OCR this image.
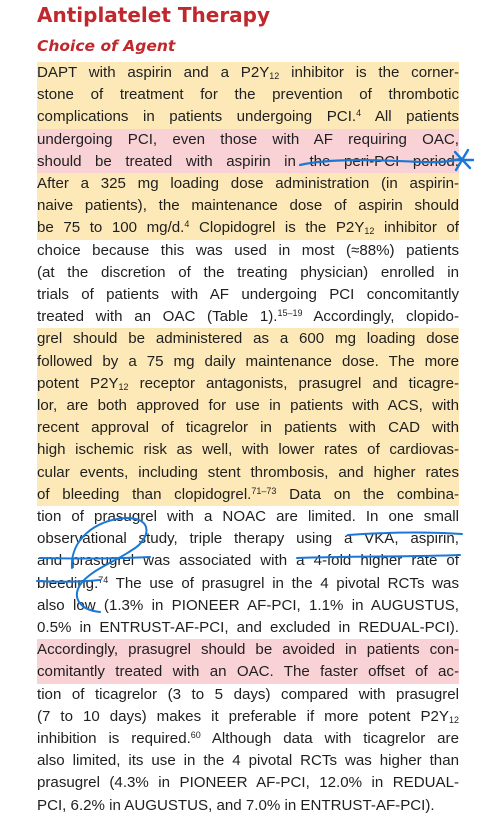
Antiplatelet Therapy
Choice of Agent
DAPT with aspirin and a $P2Y_{12}$ inhibitor is the corner-
stone of treatment for the prevention of thrombotic
complications in patients undergoing PCI.$^4$ All patients
undergoing PCI, even those with AF requiring OAC,
should be treated with aspirin in the peri-PCI period.
After a 325 mg loading dose administration (in aspirin-
naive patients), the maintenance dose of aspirin should
be 75 to 100 mg/d.$^4$ Clopidogrel is the $P2Y_{12}$ inhibitor of
choice because this was used in most (≈88%) patients
(at the discretion of the treating physician) enrolled in
trials of patients with AF undergoing PCI concomitantly
treated with an OAC (Table 1).$^{15-19}$ Accordingly, clopido-
grel should be administered as a 600 mg loading dose
followed by a 75 mg daily maintenance dose. The more
potent $P2Y_{12}$ receptor antagonists, prasugrel and ticagre-
lor, are both approved for use in patients with ACS, with
recent approval of ticagrelor in patients with CAD with
high ischemic risk as well, with lower rates of cardiovas-
cular events, including stent thrombosis, and higher rates
of bleeding than clopidogrel.$^{71-73}$ Data on the combina-
tion of prasugrel with a NOAC are limited. In one small
observational study, triple therapy using a VKA, aspirin,
and prasugrel was associated with a 4-fold higher rate of
bleeding.$^{74}$ The use of prasugrel in the 4 pivotal RCTs was
also low (1.3% in PIONEER AF-PCI, 1.1% in AUGUSTUS,
0.5% in ENTRUST-AF-PCI, and excluded in REDUAL-PCI).
Accordingly, prasugrel should be avoided in patients con-
comitantly treated with an OAC. The faster offset of ac-
tion of ticagrelor (3 to 5 days) compared with prasugrel
(7 to 10 days) makes it preferable if more potent $P2Y_{12}$
inhibition is required.$^{60}$ Although data with ticagrelor are
also limited, its use in the 4 pivotal RCTs was higher than
prasugrel (4.3% in PIONEER AF-PCI, 12.0% in REDUAL-
PCI, 6.2% in AUGUSTUS, and 7.0% in ENTRUST-AF-PCI).
